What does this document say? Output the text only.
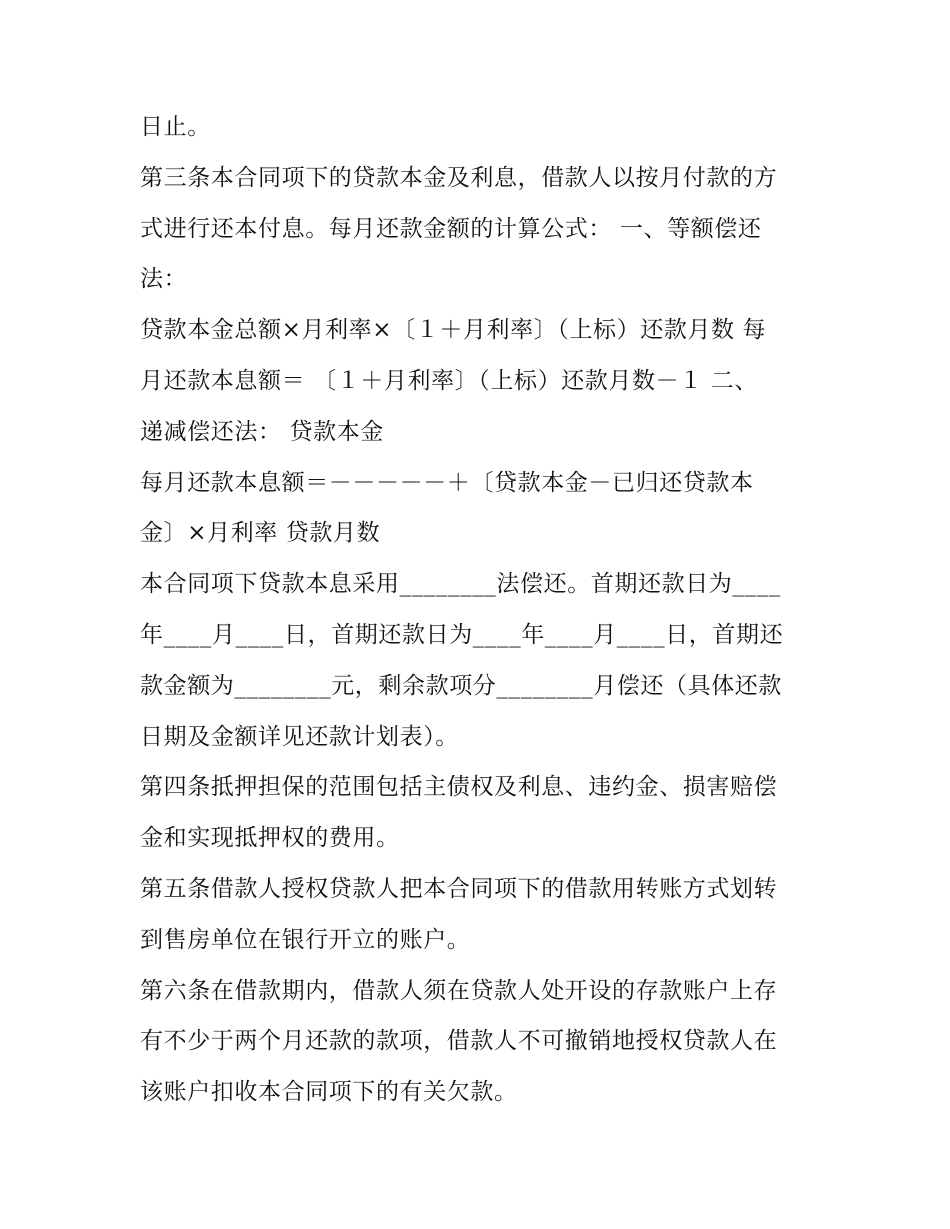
日止。
第三条本合同项下的贷款本金及利息，借款人以按月付款的方
式进行还本付息。每月还款金额的计算公式： 一、等额偿还
法：
贷款本金总额×月利率×〔１＋月利率〕（上标）还款月数 每
月还款本息额＝ 〔１＋月利率〕（上标）还款月数－１ 二、
递减偿还法： 贷款本金
每月还款本息额＝－－－－－＋〔贷款本金－已归还贷款本
金〕×月利率 贷款月数
本合同项下贷款本息采用________法偿还。首期还款日为____
年____月____日，首期还款日为____年____月____日，首期还
款金额为________元，剩余款项分________月偿还（具体还款
日期及金额详见还款计划表）。
第四条抵押担保的范围包括主债权及利息、违约金、损害赔偿
金和实现抵押权的费用。
第五条借款人授权贷款人把本合同项下的借款用转账方式划转
到售房单位在银行开立的账户。
第六条在借款期内，借款人须在贷款人处开设的存款账户上存
有不少于两个月还款的款项，借款人不可撤销地授权贷款人在
该账户扣收本合同项下的有关欠款。
